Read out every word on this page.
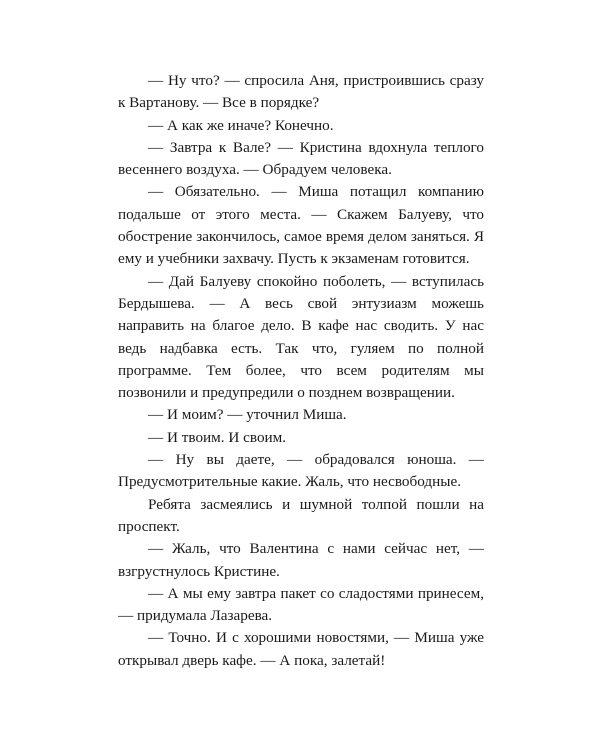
— Ну что? — спросила Аня, пристроившись сразу к Вартанову. — Все в порядке?

— А как же иначе? Конечно.

— Завтра к Вале? — Кристина вдохнула теплого весеннего воздуха. — Обрадуем человека.

— Обязательно. — Миша потащил компанию подальше от этого места. — Скажем Балуеву, что обострение закончилось, самое время делом заняться. Я ему и учебники захвачу. Пусть к экзаменам готовится.

— Дай Балуеву спокойно поболеть, — вступилась Бердышева. — А весь свой энтузиазм можешь направить на благое дело. В кафе нас сводить. У нас ведь надбавка есть. Так что, гуляем по полной программе. Тем более, что всем родителям мы позвонили и предупредили о позднем возвращении.

— И моим? — уточнил Миша.

— И твоим. И своим.

— Ну вы даете, — обрадовался юноша. — Предусмотрительные какие. Жаль, что несвободные.

Ребята засмеялись и шумной толпой пошли на проспект.

— Жаль, что Валентина с нами сейчас нет, — взгрустнулось Кристине.

— А мы ему завтра пакет со сладостями принесем, — придумала Лазарева.

— Точно. И с хорошими новостями, — Миша уже открывал дверь кафе. — А пока, залетай!
